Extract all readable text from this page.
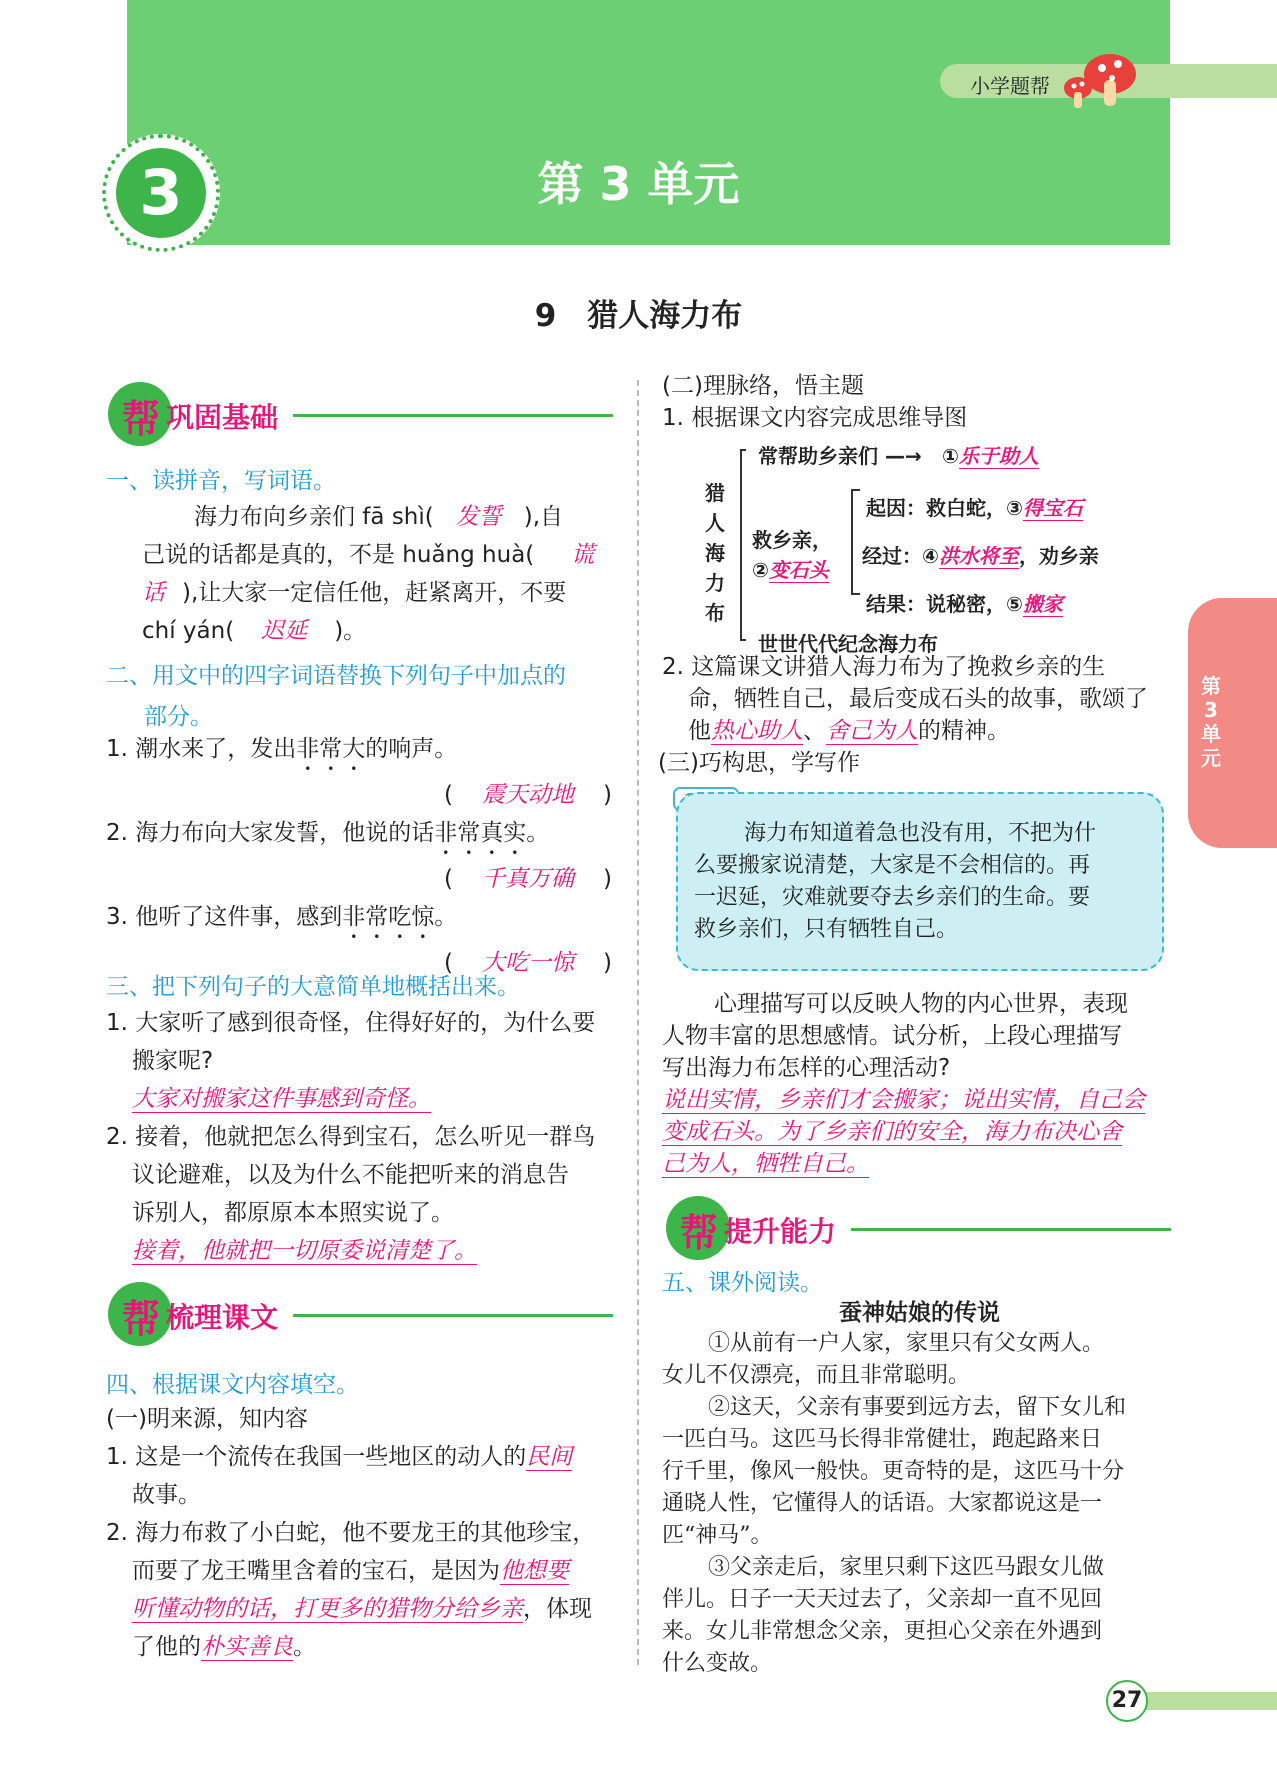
小学题帮
第 3 单元
3
9　猎人海力布
第
3
单
元
帮 巩固基础
一、读拼音，写词语。
海力布向乡亲们 fā shì( 发誓 ),自
己说的话都是真的，不是 huǎng huà( 谎
话 ),让大家一定信任他，赶紧离开，不要
chí yán( 迟延 )。
二、用文中的四字词语替换下列句子中加点的
部分。
1. 潮水来了，发出非常大的响声。
( 震天动地 )
2. 海力布向大家发誓，他说的话非常真实。
( 千真万确 )
3. 他听了这件事，感到非常吃惊。
( 大吃一惊 )
三、把下列句子的大意简单地概括出来。
1. 大家听了感到很奇怪，住得好好的，为什么要
搬家呢?
大家对搬家这件事感到奇怪。
2. 接着，他就把怎么得到宝石，怎么听见一群鸟
议论避难，以及为什么不能把听来的消息告
诉别人，都原原本本照实说了。
接着，他就把一切原委说清楚了。
帮 梳理课文
四、根据课文内容填空。
(一)明来源，知内容
1. 这是一个流传在我国一些地区的动人的民间
故事。
2. 海力布救了小白蛇，他不要龙王的其他珍宝，
而要了龙王嘴里含着的宝石，是因为他想要
听懂动物的话，打更多的猎物分给乡亲，体现
了他的朴实善良。
(二)理脉络，悟主题
1. 根据课文内容完成思维导图
猎
人
海
力
布
常帮助乡亲们 —→ ①乐于助人
救乡亲，
②变石头
起因：救白蛇，③得宝石
经过：④洪水将至，劝乡亲
结果：说秘密，⑤搬家
世世代代纪念海力布
2. 这篇课文讲猎人海力布为了挽救乡亲的生
命，牺牲自己，最后变成石头的故事，歌颂了
他热心助人、舍己为人的精神。
(三)巧构思，学写作
海力布知道着急也没有用，不把为什
么要搬家说清楚，大家是不会相信的。再
一迟延，灾难就要夺去乡亲们的生命。要
救乡亲们，只有牺牲自己。
心理描写可以反映人物的内心世界，表现
人物丰富的思想感情。试分析，上段心理描写
写出海力布怎样的心理活动?
说出实情，乡亲们才会搬家；说出实情，自己会
变成石头。为了乡亲们的安全，海力布决心舍
己为人，牺牲自己。
帮 提升能力
五、课外阅读。
蚕神姑娘的传说
①从前有一户人家，家里只有父女两人。
女儿不仅漂亮，而且非常聪明。
②这天，父亲有事要到远方去，留下女儿和
一匹白马。这匹马长得非常健壮，跑起路来日
行千里，像风一般快。更奇特的是，这匹马十分
通晓人性，它懂得人的话语。大家都说这是一
匹“神马”。
③父亲走后，家里只剩下这匹马跟女儿做
伴儿。日子一天天过去了，父亲却一直不见回
来。女儿非常想念父亲，更担心父亲在外遇到
什么变故。
27
